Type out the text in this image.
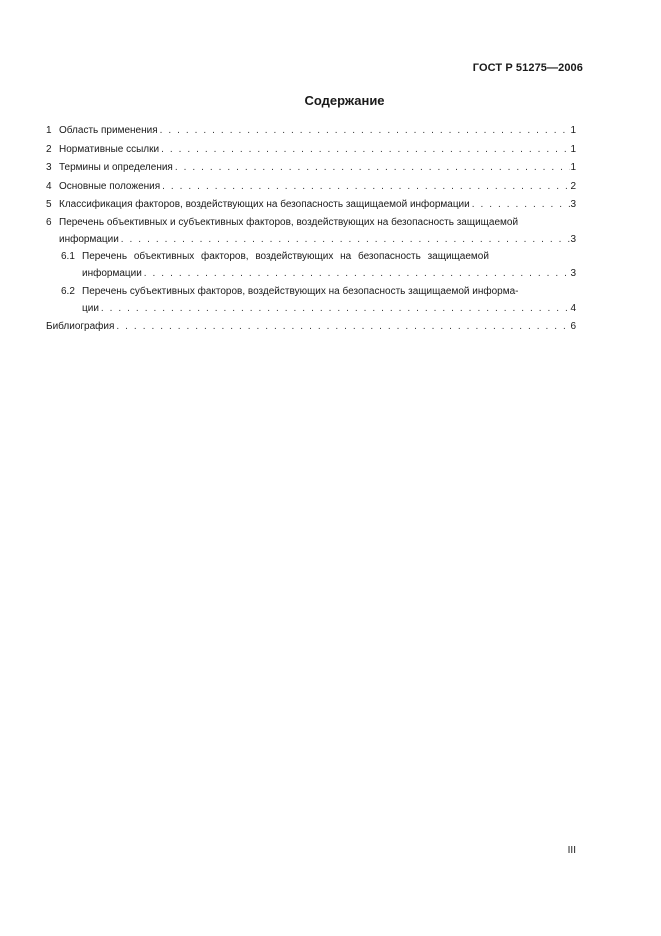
ГОСТ Р 51275—2006
Содержание
1 Область применения . . .	1
2 Нормативные ссылки . . .	1
3 Термины и определения . . .	1
4 Основные положения . . .	2
5 Классификация факторов, воздействующих на безопасность защищаемой информации . . .	3
6 Перечень объективных и субъективных факторов, воздействующих на безопасность защищаемой
информации . . .	3
6.1 Перечень объективных факторов, воздействующих на безопасность защищаемой
информации . . .	3
6.2 Перечень субъективных факторов, воздействующих на безопасность защищаемой информа-
ции . . .	4
Библиография . . .	6
III
